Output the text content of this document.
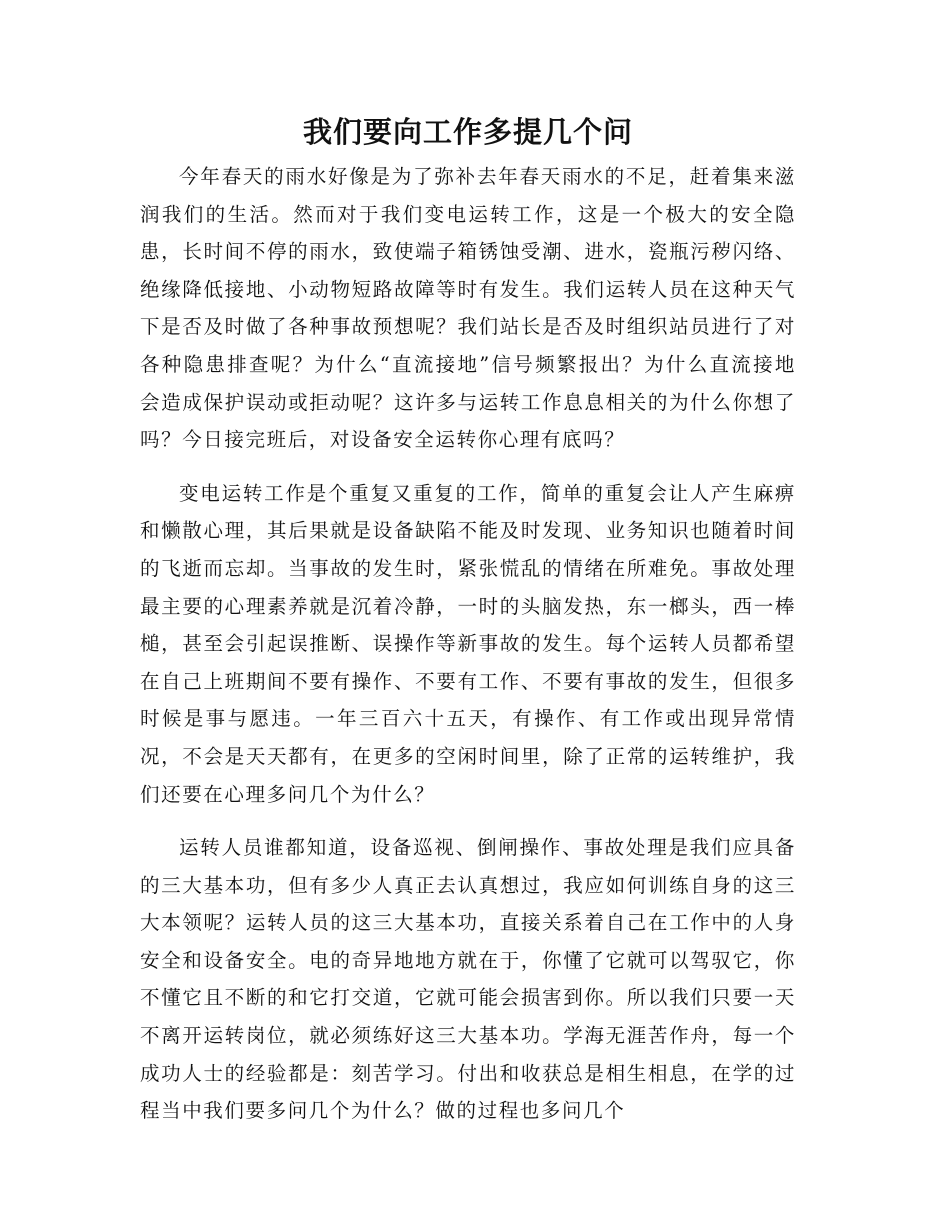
我们要向工作多提几个问

今年春天的雨水好像是为了弥补去年春天雨水的不足，赶着集来滋润我们的生活。然而对于我们变电运转工作，这是一个极大的安全隐患，长时间不停的雨水，致使端子箱锈蚀受潮、进水，瓷瓶污秽闪络、绝缘降低接地、小动物短路故障等时有发生。我们运转人员在这种天气下是否及时做了各种事故预想呢？我们站长是否及时组织站员进行了对各种隐患排查呢？为什么“直流接地”信号频繁报出？为什么直流接地会造成保护误动或拒动呢？这许多与运转工作息息相关的为什么你想了吗？今日接完班后，对设备安全运转你心理有底吗？

变电运转工作是个重复又重复的工作，简单的重复会让人产生麻痹和懒散心理，其后果就是设备缺陷不能及时发现、业务知识也随着时间的飞逝而忘却。当事故的发生时，紧张慌乱的情绪在所难免。事故处理最主要的心理素养就是沉着冷静，一时的头脑发热，东一榔头，西一棒槌，甚至会引起误推断、误操作等新事故的发生。每个运转人员都希望在自己上班期间不要有操作、不要有工作、不要有事故的发生，但很多时候是事与愿违。一年三百六十五天，有操作、有工作或出现异常情况，不会是天天都有，在更多的空闲时间里，除了正常的运转维护，我们还要在心理多问几个为什么？

运转人员谁都知道，设备巡视、倒闸操作、事故处理是我们应具备的三大基本功，但有多少人真正去认真想过，我应如何训练自身的这三大本领呢？运转人员的这三大基本功，直接关系着自己在工作中的人身安全和设备安全。电的奇异地地方就在于，你懂了它就可以驾驭它，你不懂它且不断的和它打交道，它就可能会损害到你。所以我们只要一天不离开运转岗位，就必须练好这三大基本功。学海无涯苦作舟，每一个成功人士的经验都是：刻苦学习。付出和收获总是相生相息，在学的过程当中我们要多问几个为什么？做的过程也多问几个
